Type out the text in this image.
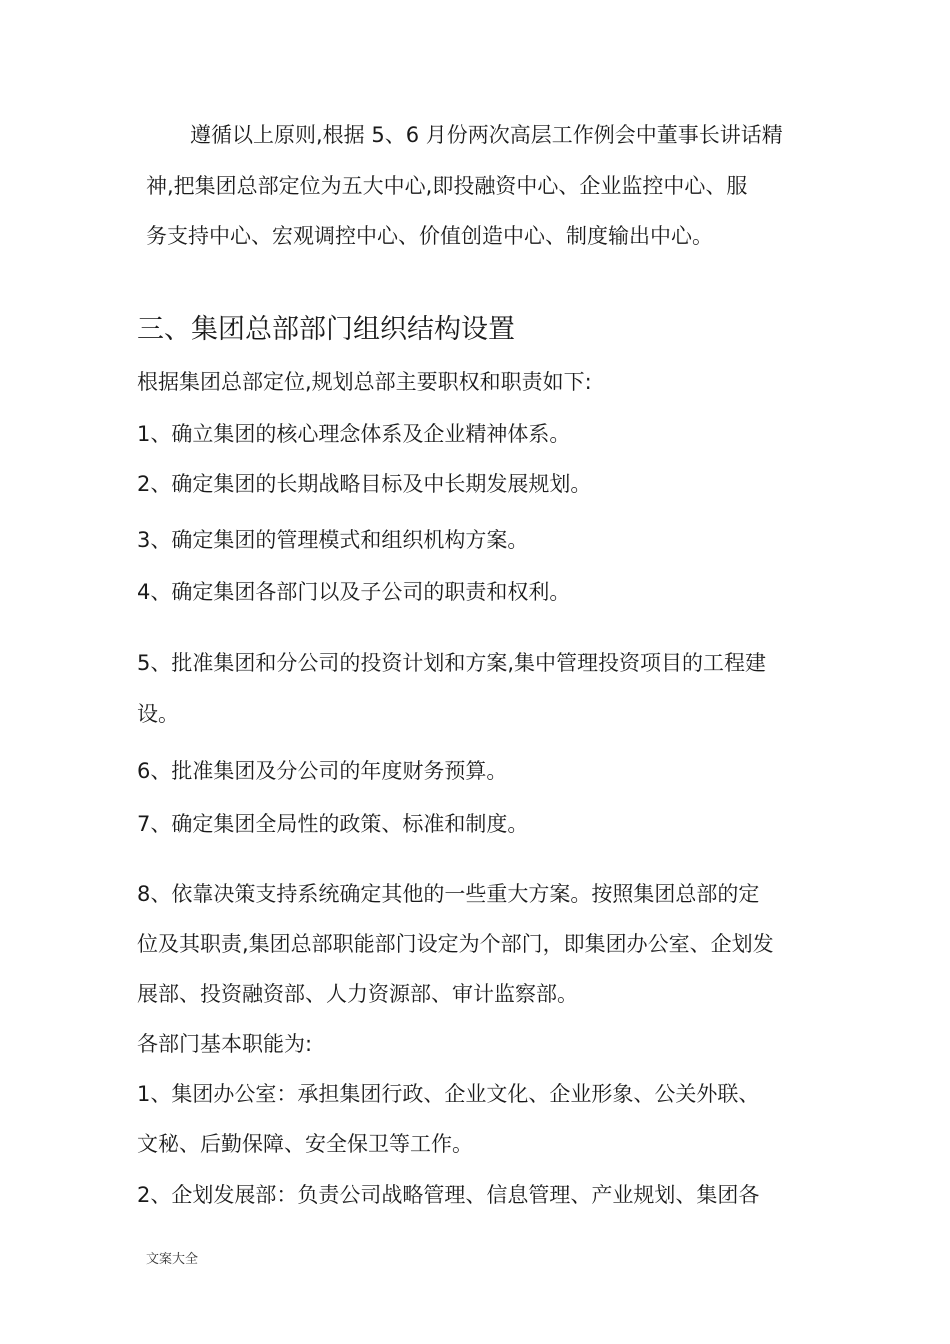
遵循以上原则,根据 5、6 月份两次高层工作例会中董事长讲话精

神,把集团总部定位为五大中心,即投融资中心、企业监控中心、服

务支持中心、宏观调控中心、价值创造中心、制度输出中心。

三、集团总部部门组织结构设置

根据集团总部定位,规划总部主要职权和职责如下:

1、确立集团的核心理念体系及企业精神体系。

2、确定集团的长期战略目标及中长期发展规划。

3、确定集团的管理模式和组织机构方案。

4、确定集团各部门以及子公司的职责和权利。

5、批准集团和分公司的投资计划和方案,集中管理投资项目的工程建

设。

6、批准集团及分公司的年度财务预算。

7、确定集团全局性的政策、标准和制度。

8、依靠决策支持系统确定其他的一些重大方案。按照集团总部的定

位及其职责,集团总部职能部门设定为个部门，即集团办公室、企划发

展部、投资融资部、人力资源部、审计监察部。

各部门基本职能为:

1、集团办公室：承担集团行政、企业文化、企业形象、公关外联、

文秘、后勤保障、安全保卫等工作。

2、企划发展部：负责公司战略管理、信息管理、产业规划、集团各

文案大全
